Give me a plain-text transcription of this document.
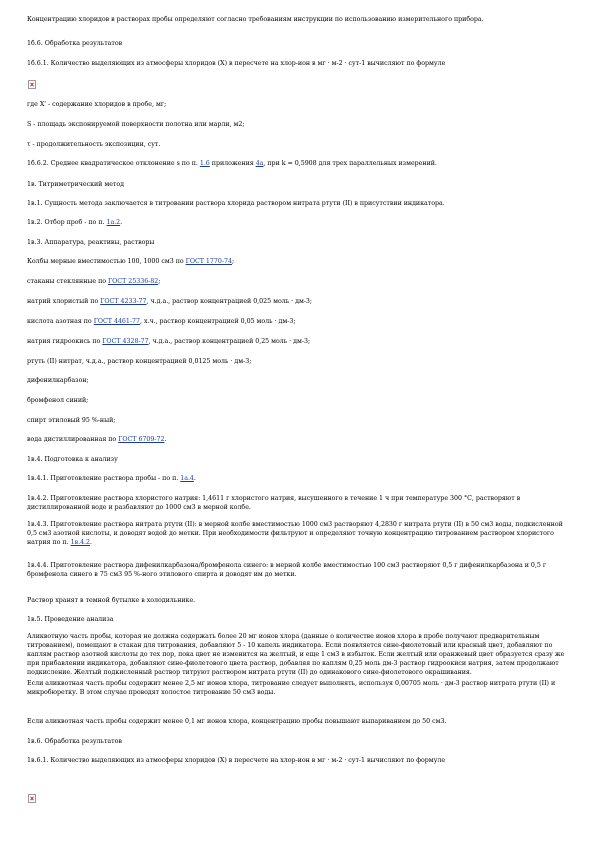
Концентрацию хлоридов в растворах пробы определяют согласно требованиям инструкции по использованию измерительного прибора.

1б.6. Обработка результатов

1б.6.1. Количество выделяющих из атмосферы хлоридов (Х) в пересчете на хлор-ион в мг · м-2 · сут-1 вычисляют по формуле

где Х' - содержание хлоридов в пробе, мг;

S - площадь экспонируемой поверхности полотна или марли, м2;

τ - продолжительность экспозиции, сут.

1б.6.2. Среднее квадратическое отклонение s по п. 1.6 приложения 4а, при k = 0,5908 для трех параллельных измерений.

1в. Титриметрический метод

1в.1. Сущность метода заключается в титровании раствора хлорида раствором нитрата ртути (II) в присутствии индикатора.

1в.2. Отбор проб - по п. 1а.2.

1в.3. Аппаратура, реактивы, растворы

Колбы мерные вместимостью 100, 1000 см3 по ГОСТ 1770-74;

стаканы стеклянные по ГОСТ 25336-82;

натрий хлористый по ГОСТ 4233-77, ч.д.а., раствор концентрацией 0,025 моль · дм-3;

кислота азотная по ГОСТ 4461-77, х.ч., раствор концентрацией 0,05 моль · дм-3;

натрия гидроокись по ГОСТ 4328-77, ч.д.а., раствор концентрацией 0,25 моль · дм-3;

ртуть (II) нитрат, ч.д.а., раствор концентрацией 0,0125 моль · дм-3;

дифенилкарбазон;

бромфенол синий;

спирт этиловый 95 %-ный;

вода дистиллированная по ГОСТ 6709-72.

1в.4. Подготовка к анализу

1в.4.1. Приготовление раствора пробы - по п. 1а.4.

1в.4.2. Приготовление раствора хлористого натрия: 1,4611 г хлористого натрия, высушенного в течение 1 ч при температуре 300 °С, растворяют в дистиллированной воде и разбавляют до 1000 см3 в мерной колбе.

1в.4.3. Приготовление раствора нитрата ртути (II): в мерной колбе вместимостью 1000 см3 растворяют 4,2830 г нитрата ртути (II) в 50 см3 воды, подкисленной 0,5 см3 азотной кислоты, и доводят водой до метки. При необходимости фильтруют и определяют точную концентрацию титрованием раствором хлористого натрия по п. 1в.4.2.

1в.4.4. Приготовление раствора дифенилкарбазона/бромфенола синего: в мерной колбе вместимостью 100 см3 растворяют 0,5 г дифенилкарбазона и 0,5 г бромфенола синего в 75 см3 95 %-ного этилового спирта и доводят им до метки.

Раствор хранят в темной бутылке в холодильнике.

1в.5. Проведение анализа

Аликвотную часть пробы, которая не должна содержать более 20 мг ионов хлора (данные о количестве ионов хлора в пробе получают предварительным титрованием), помещают в стакан для титрования, добавляют 5 - 10 капель индикатора. Если появляется сине-фиолетовый или красный цвет, добавляют по каплям раствор азотной кислоты до тех пор, пока цвет не изменится на желтый, и еще 1 см3 в избыток. Если желтый или оранжевый цвет образуется сразу же при прибавлении индикатора, добавляют сине-фиолетового цвета раствор, добавляя по каплям 0,25 моль дм-3 раствор гидроокиси натрия, затем продолжают подкисление. Желтый подкисленный раствор титруют раствором нитрата ртути (II) до одинакового сине-фиолетового окрашивания.

Если аликвотная часть пробы содержит менее 2,5 мг ионов хлора, титрование следует выполнять, используя 0,00705 моль · дм-3 раствор нитрата ртути (II) и микробюретку. В этом случае проводят холостое титрование 50 см3 воды.

Если аликвотная часть пробы содержит менее 0,1 мг ионов хлора, концентрацию пробы повышают выпариванием до 50 см3.

1в.6. Обработка результатов

1в.6.1. Количество выделяющих из атмосферы хлоридов (Х) в пересчете на хлор-ион в мг · м-2 · сут-1 вычисляют по формуле
